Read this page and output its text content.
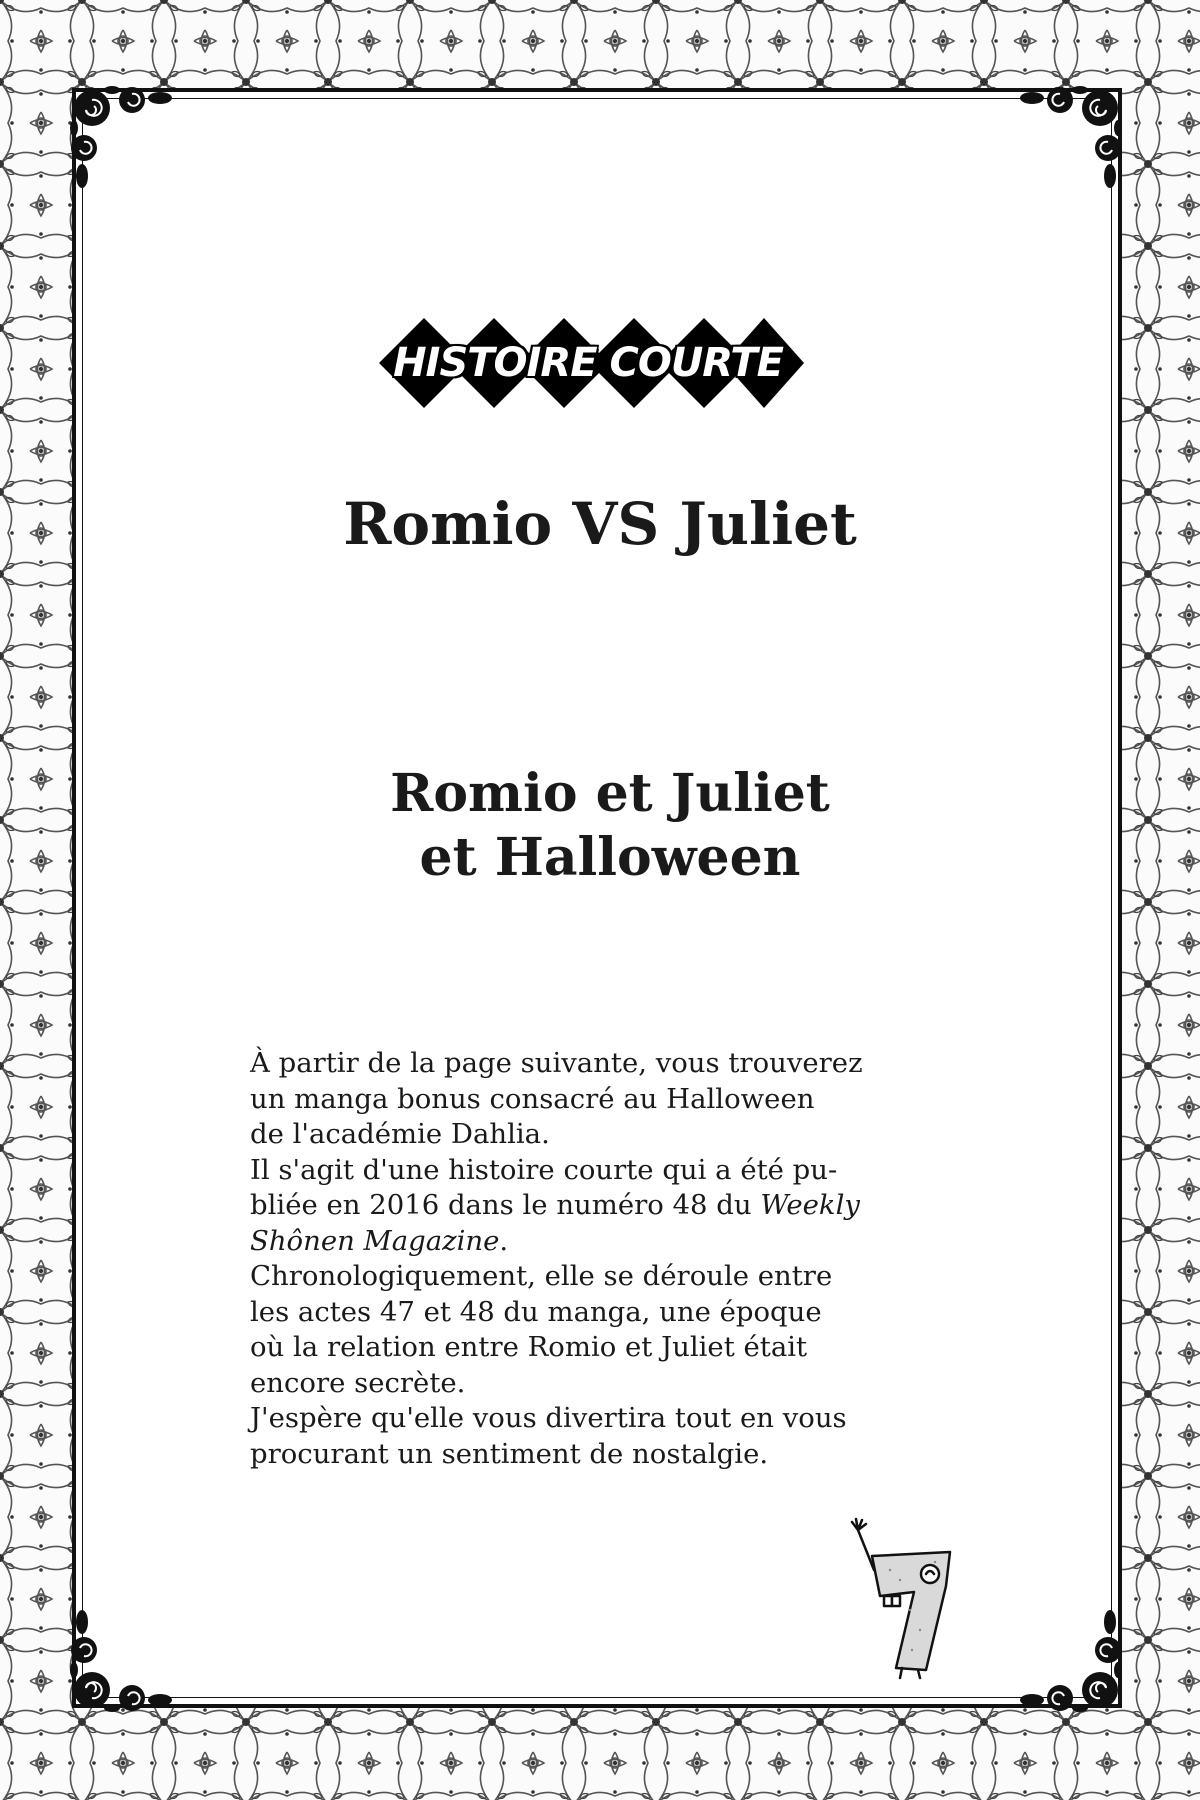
HISTOIRE COURTE
Romio VS Juliet
Romio et Juliet
et Halloween

À partir de la page suivante, vous trouverez
un manga bonus consacré au Halloween
de l'académie Dahlia.
Il s'agit d'une histoire courte qui a été pu-
bliée en 2016 dans le numéro 48 du Weekly
Shônen Magazine.
Chronologiquement, elle se déroule entre
les actes 47 et 48 du manga, une époque
où la relation entre Romio et Juliet était
encore secrète.
J'espère qu'elle vous divertira tout en vous
procurant un sentiment de nostalgie.
